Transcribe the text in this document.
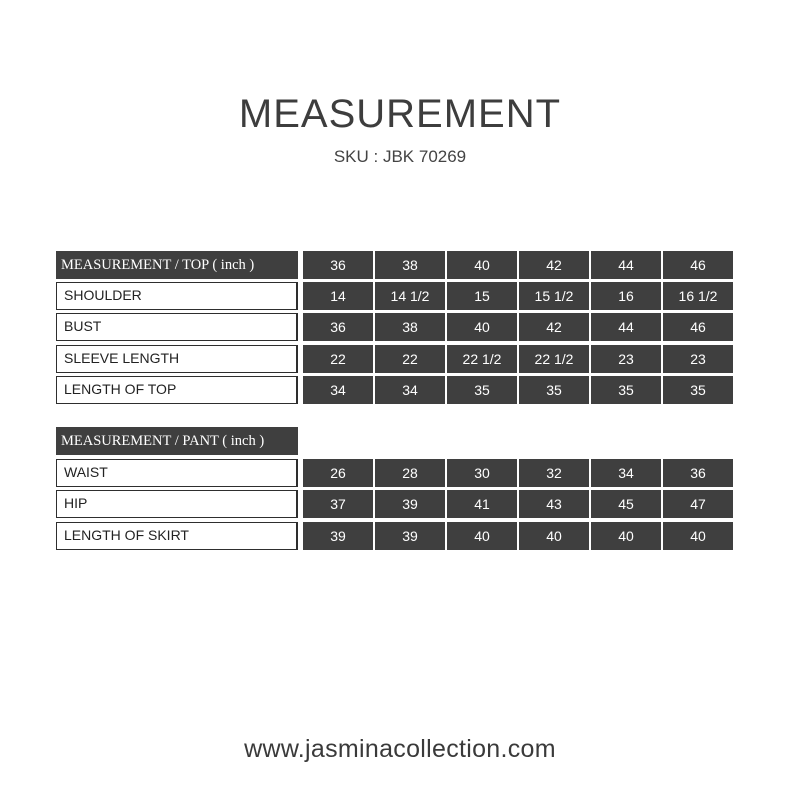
MEASUREMENT
SKU : JBK 70269
MEASUREMENT / TOP ( inch )	36	38	40	42	44	46
SHOULDER	14	14 1/2	15	15 1/2	16	16 1/2
BUST	36	38	40	42	44	46
SLEEVE LENGTH	22	22	22 1/2	22 1/2	23	23
LENGTH OF TOP	34	34	35	35	35	35
MEASUREMENT / PANT ( inch )
WAIST	26	28	30	32	34	36
HIP	37	39	41	43	45	47
LENGTH OF SKIRT	39	39	40	40	40	40
www.jasminacollection.com
